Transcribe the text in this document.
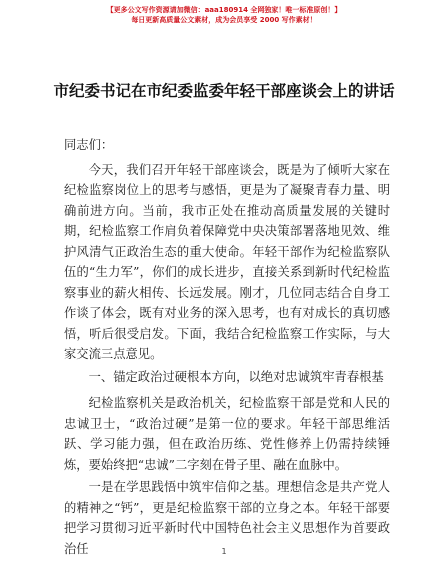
【更多公文写作资源请加微信：aaa180914 全网独家！唯一标准原创！】
每日更新高质量公文素材，成为会员享受 2000 写作素材！
市纪委书记在市纪委监委年轻干部座谈会上的讲话

同志们：

今天，我们召开年轻干部座谈会，既是为了倾听大家在纪检监察岗位上的思考与感悟，更是为了凝聚青春力量、明确前进方向。当前，我市正处在推动高质量发展的关键时期，纪检监察工作肩负着保障党中央决策部署落地见效、维护风清气正政治生态的重大使命。年轻干部作为纪检监察队伍的“生力军”，你们的成长进步，直接关系到新时代纪检监察事业的薪火相传、长远发展。刚才，几位同志结合自身工作谈了体会，既有对业务的深入思考，也有对成长的真切感悟，听后很受启发。下面，我结合纪检监察工作实际，与大家交流三点意见。

一、锚定政治过硬根本方向，以绝对忠诚筑牢青春根基

纪检监察机关是政治机关，纪检监察干部是党和人民的忠诚卫士，“政治过硬”是第一位的要求。年轻干部思维活跃、学习能力强，但在政治历练、党性修养上仍需持续锤炼，要始终把“忠诚”二字刻在骨子里、融在血脉中。

一是在学思践悟中筑牢信仰之基。理想信念是共产党人的精神之“钙”，更是纪检监察干部的立身之本。年轻干部要把学习贯彻习近平新时代中国特色社会主义思想作为首要政治任	1
